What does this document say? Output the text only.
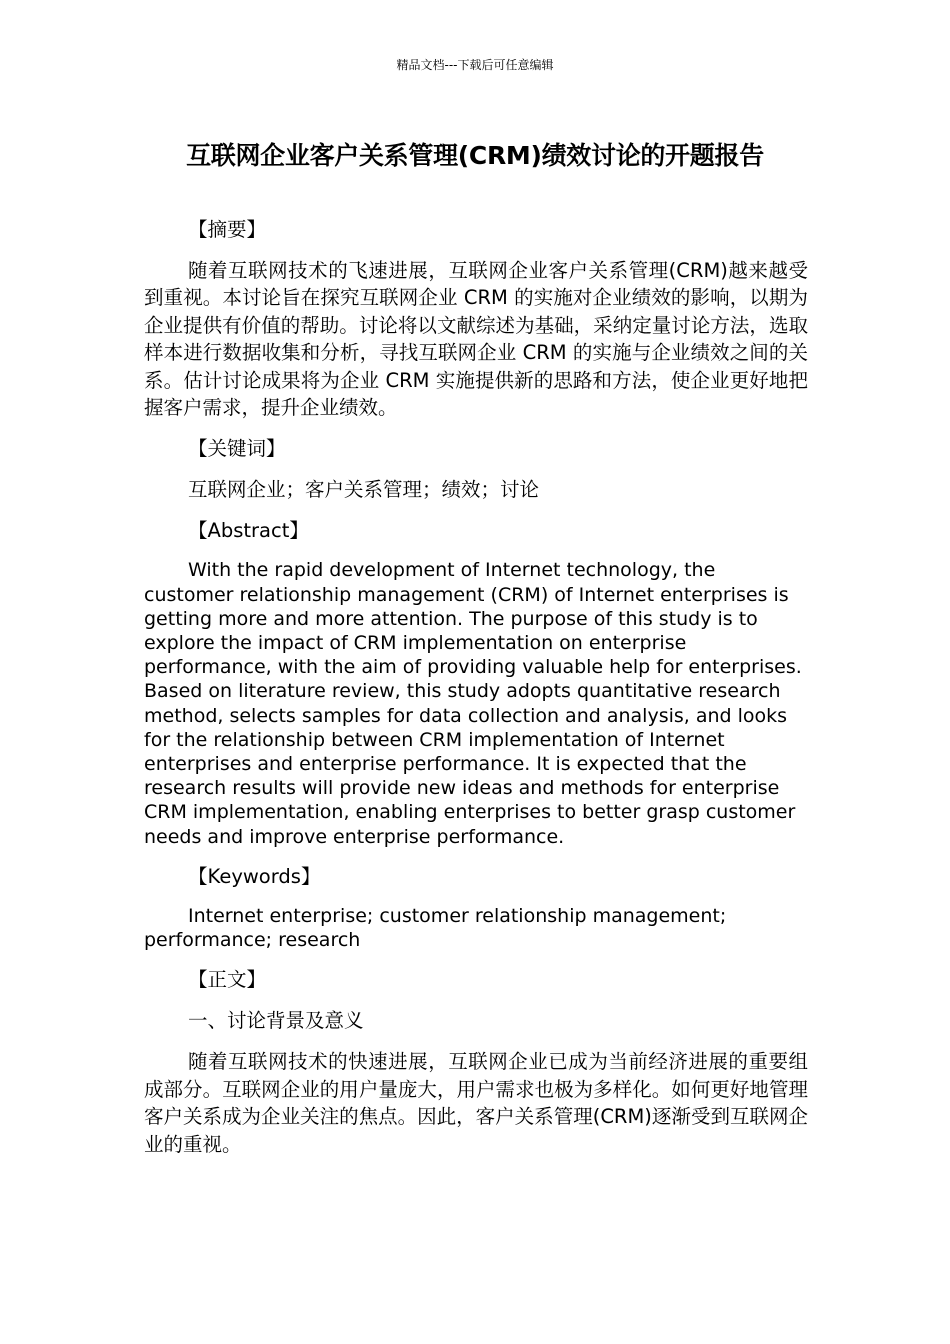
精品文档---下载后可任意编辑
互联网企业客户关系管理(CRM)绩效讨论的开题报告
【摘要】
随着互联网技术的飞速进展，互联网企业客户关系管理(CRM)越来越受到重视。本讨论旨在探究互联网企业 CRM 的实施对企业绩效的影响，以期为企业提供有价值的帮助。讨论将以文献综述为基础，采纳定量讨论方法，选取样本进行数据收集和分析，寻找互联网企业 CRM 的实施与企业绩效之间的关系。估计讨论成果将为企业 CRM 实施提供新的思路和方法，使企业更好地把握客户需求，提升企业绩效。
【关键词】
互联网企业；客户关系管理；绩效；讨论
【Abstract】
With the rapid development of Internet technology, the customer relationship management (CRM) of Internet enterprises is getting more and more attention. The purpose of this study is to explore the impact of CRM implementation on enterprise performance, with the aim of providing valuable help for enterprises. Based on literature review, this study adopts quantitative research method, selects samples for data collection and analysis, and looks for the relationship between CRM implementation of Internet enterprises and enterprise performance. It is expected that the research results will provide new ideas and methods for enterprise CRM implementation, enabling enterprises to better grasp customer needs and improve enterprise performance.
【Keywords】
Internet enterprise; customer relationship management; performance; research
【正文】
一、讨论背景及意义
随着互联网技术的快速进展，互联网企业已成为当前经济进展的重要组成部分。互联网企业的用户量庞大，用户需求也极为多样化。如何更好地管理客户关系成为企业关注的焦点。因此，客户关系管理(CRM)逐渐受到互联网企业的重视。
